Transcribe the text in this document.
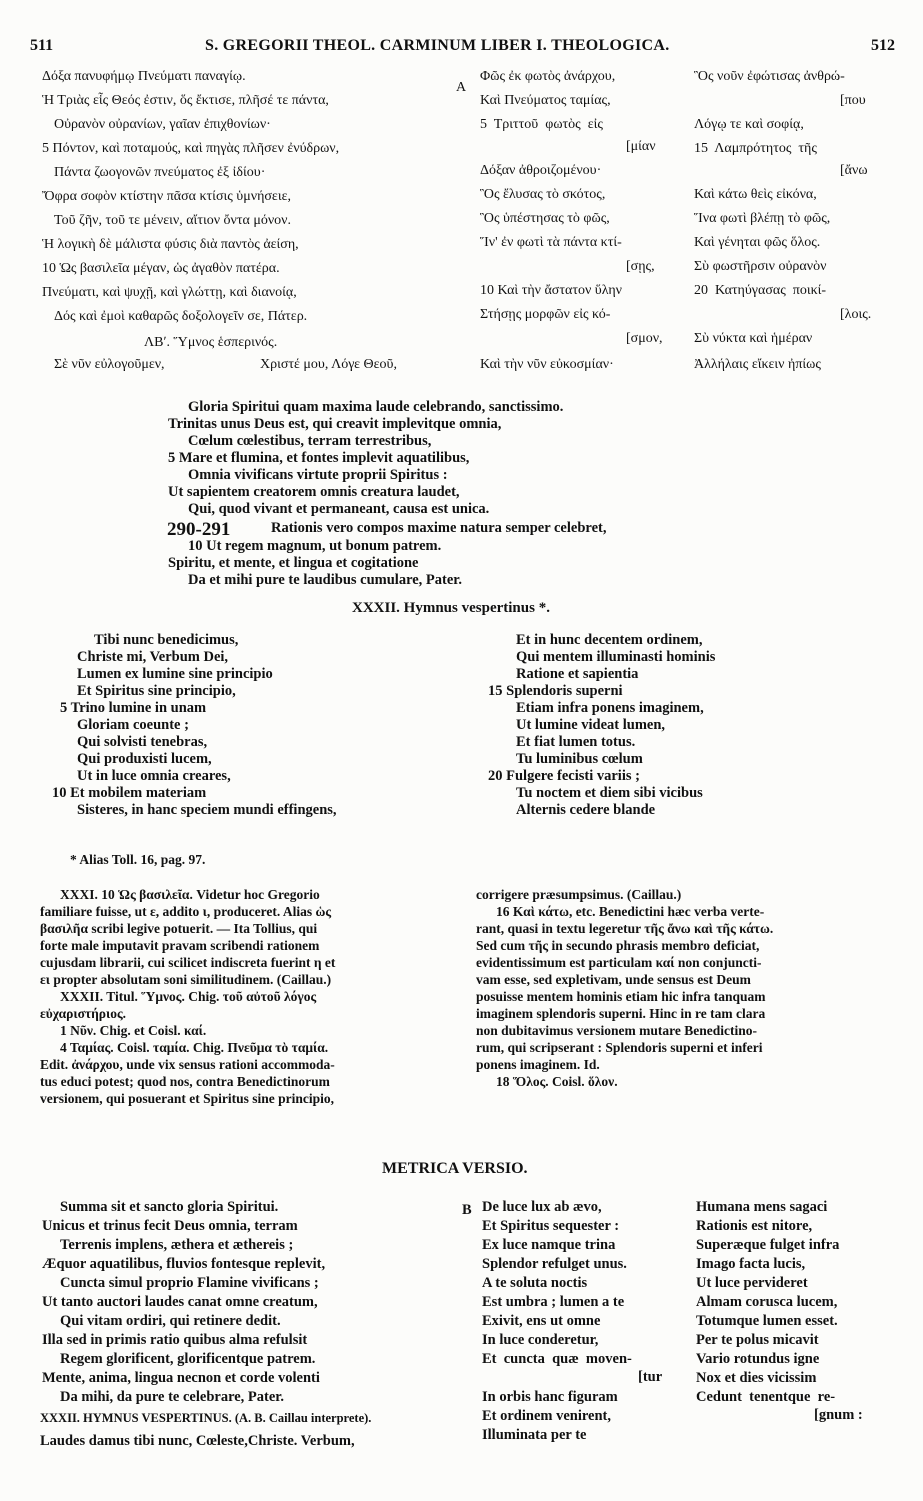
511	S. GREGORII THEOL. CARMINUM LIBER I. THEOLOGICA.	512
Δόξα πανυφήμῳ Πνεύματι παναγίῳ.
Ἡ Τριὰς εἷς Θεός ἐστιν, ὅς ἔκτισε, πλῆσέ τε πάντα,
Οὐρανὸν οὐρανίων, γαῖαν ἐπιχθονίων·
5 Πόντον, καὶ ποταμούς, καὶ πηγὰς πλῆσεν ἐνύδρων,
Πάντα ζωογονῶν πνεύματος ἐξ ἰδίου·
Ὄφρα σοφὸν κτίστην πᾶσα κτίσις ὑμνήσειε,
Τοῦ ζῆν, τοῦ τε μένειν, αἴτιον ὄντα μόνον.
Ἡ λογικὴ δὲ μάλιστα φύσις διὰ παντὸς ἀείση,
10 Ὡς βασιλεῖα μέγαν, ὡς ἀγαθὸν πατέρα.
Πνεύματι, καὶ ψυχῇ, καὶ γλώττῃ, καὶ διανοίᾳ,
Δός καὶ ἐμοὶ καθαρῶς δοξολογεῖν σε, Πάτερ.
ΛΒʹ. Ὕμνος ἑσπερινός.
Σὲ νῦν εὐλογοῦμεν,	Χριστέ μου, Λόγε Θεοῦ,
A
Φῶς ἐκ φωτὸς ἀνάρχου,
Καὶ Πνεύματος ταμίας,
5  Τριττοῦ  φωτὸς  εἰς
[μίαν
Δόξαν ἀθροιζομένου·
Ὃς ἔλυσας τὸ σκότος,
Ὃς ὑπέστησας τὸ φῶς,
Ἵν' ἐν φωτὶ τὰ πάντα κτί-
[σῃς,
10 Καὶ τὴν ἄστατον ὕλην
Στήσῃς μορφῶν εἰς κό-
[σμον,
Καὶ τὴν νῦν εὐκοσμίαν·
Ὃς νοῦν ἐφώτισας ἀνθρώ-
[που
Λόγῳ τε καὶ σοφίᾳ,
15  Λαμπρότητος  τῆς
[ἄνω
Καὶ κάτω θεὶς εἰκόνα,
Ἵνα φωτὶ βλέπῃ τὸ φῶς,
Καὶ γένηται φῶς ὅλος.
Σὺ φωστῆρσιν οὐρανὸν
20  Κατηύγασας  ποικί-
[λοις.
Σὺ νύκτα καὶ ἡμέραν
Ἀλλήλαις εἴκειν ἠπίως
Gloria Spiritui quam maxima laude celebrando, sanctissimo.
Trinitas unus Deus est, qui creavit implevitque omnia,
Cœlum cœlestibus, terram terrestribus,
5 Mare et flumina, et fontes implevit aquatilibus,
Omnia vivificans virtute proprii Spiritus :
Ut sapientem creatorem omnis creatura laudet,
Qui, quod vivant et permaneant, causa est unica.
Rationis vero compos maxime natura semper celebret,
10 Ut regem magnum, ut bonum patrem.
Spiritu, et mente, et lingua et cogitatione
Da et mihi pure te laudibus cumulare, Pater.
290-291
XXXII. Hymnus vespertinus *.
Tibi nunc benedicimus,
Christe mi, Verbum Dei,
Lumen ex lumine sine principio
Et Spiritus sine principio,
5 Trino lumine in unam
Gloriam coeunte ;
Qui solvisti tenebras,
Qui produxisti lucem,
Ut in luce omnia creares,
10 Et mobilem materiam
Sisteres, in hanc speciem mundi effingens,
Et in hunc decentem ordinem,
Qui mentem illuminasti hominis
Ratione et sapientia
15 Splendoris superni
Etiam infra ponens imaginem,
Ut lumine videat lumen,
Et fiat lumen totus.
Tu luminibus cœlum
20 Fulgere fecisti variis ;
Tu noctem et diem sibi vicibus
Alternis cedere blande
* Alias Toll. 16, pag. 97.
XXXI. 10 Ὡς βασιλεῖα. Videtur hoc Gregorio
familiare fuisse, ut ε, addito ι, produceret. Alias ὡς
βασιλῆα scribi legive potuerit. — Ita Tollius, qui
forte male imputavit pravam scribendi rationem
cujusdam librarii, cui scilicet indiscreta fuerint η et
ει propter absolutam soni similitudinem. (Caillau.)
XXXII. Titul. Ὕμνος. Chig. τοῦ αὐτοῦ λόγος
εὐχαριστήριος.
1 Νῦν. Chig. et Coisl. καί.
4 Ταμίας. Coisl. ταμία. Chig. Πνεῦμα τὸ ταμία.
Edit. ἀνάρχου, unde vix sensus rationi accommoda-
tus educi potest; quod nos, contra Benedictinorum
versionem, qui posuerant et Spiritus sine principio,
corrigere præsumpsimus. (Caillau.)
16 Καὶ κάτω, etc. Benedictini hæc verba verte-
rant, quasi in textu legeretur τῆς ἄνω καὶ τῆς κάτω.
Sed cum τῆς in secundo phrasis membro deficiat,
evidentissimum est particulam καί non conjuncti-
vam esse, sed expletivam, unde sensus est Deum
posuisse mentem hominis etiam hic infra tanquam
imaginem splendoris superni. Hinc in re tam clara
non dubitavimus versionem mutare Benedictino-
rum, qui scripserant : Splendoris superni et inferi
ponens imaginem. Id.
18 Ὅλος. Coisl. ὅλον.
METRICA VERSIO.
Summa sit et sancto gloria Spiritui.
Unicus et trinus fecit Deus omnia, terram
Terrenis implens, æthera et æthereis ;
Æquor aquatilibus, fluvios fontesque replevit,
Cuncta simul proprio Flamine vivificans ;
Ut tanto auctori laudes canat omne creatum,
Qui vitam ordiri, qui retinere dedit.
Illa sed in primis ratio quibus alma refulsit
Regem glorificent, glorificentque patrem.
Mente, anima, lingua necnon et corde volenti
Da mihi, da pure te celebrare, Pater.
XXXII. HYMNUS VESPERTINUS. (A. B. Caillau interprete).
Laudes damus tibi nunc, Cœleste,Christe. Verbum,
B De luce lux ab ævo,
Et Spiritus sequester :
Ex luce namque trina
Splendor refulget unus.
A te soluta noctis
Est umbra ; lumen a te
Exivit, ens ut omne
In luce conderetur,
Et  cuncta  quæ  moven-
[tur
In orbis hanc figuram
Et ordinem venirent,
Illuminata per te
Humana mens sagaci
Rationis est nitore,
Superæque fulget infra
Imago facta lucis,
Ut luce pervideret
Almam corusca lucem,
Totumque lumen esset.
Per te polus micavit
Vario rotundus igne
Nox et dies vicissim
Cedunt  tenentque  re-
[gnum :
